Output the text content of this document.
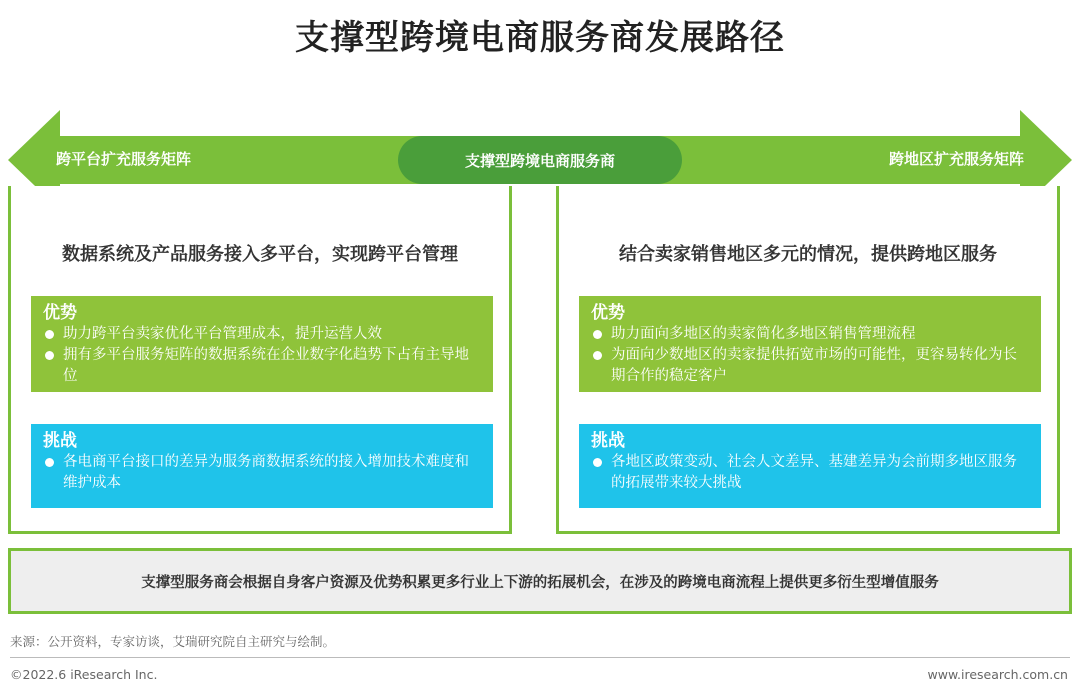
支撑型跨境电商服务商发展路径
跨平台扩充服务矩阵	支撑型跨境电商服务商	跨地区扩充服务矩阵
数据系统及产品服务接入多平台，实现跨平台管理
优势
助力跨平台卖家优化平台管理成本，提升运营人效
拥有多平台服务矩阵的数据系统在企业数字化趋势下占有主导地位
挑战
各电商平台接口的差异为服务商数据系统的接入增加技术难度和维护成本
结合卖家销售地区多元的情况，提供跨地区服务
优势
助力面向多地区的卖家简化多地区销售管理流程
为面向少数地区的卖家提供拓宽市场的可能性，更容易转化为长期合作的稳定客户
挑战
各地区政策变动、社会人文差异、基建差异为会前期多地区服务的拓展带来较大挑战
支撑型服务商会根据自身客户资源及优势积累更多行业上下游的拓展机会，在涉及的跨境电商流程上提供更多衍生型增值服务
来源：公开资料，专家访谈，艾瑞研究院自主研究与绘制。
©2022.6 iResearch Inc.	www.iresearch.com.cn
